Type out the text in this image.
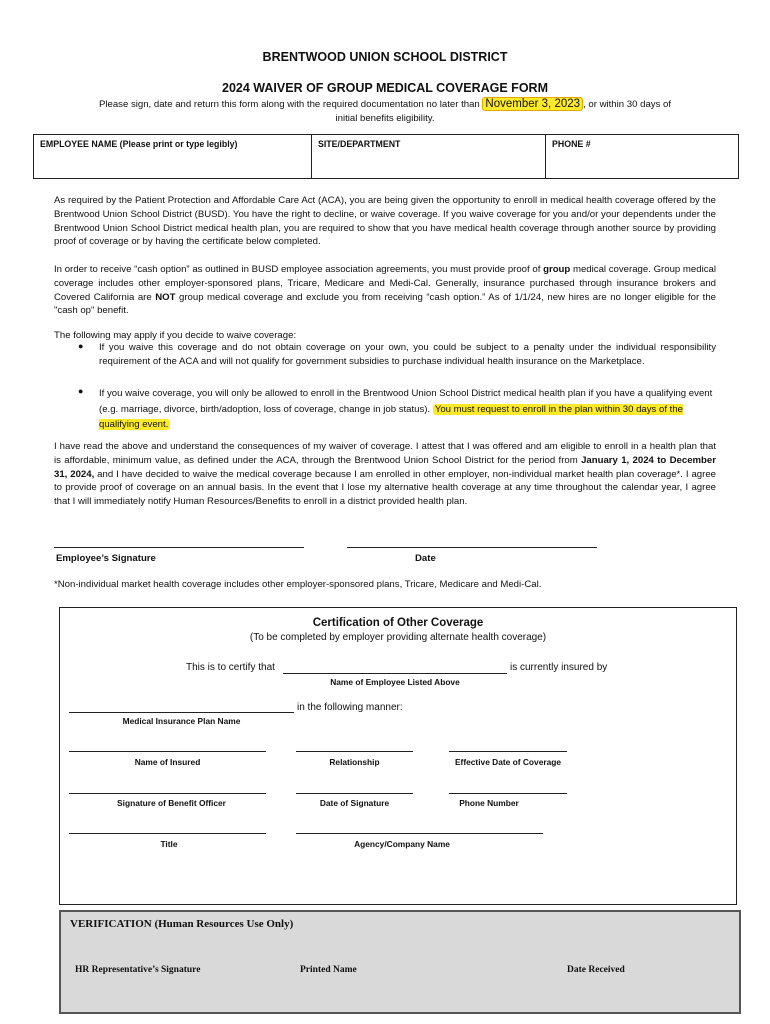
BRENTWOOD UNION SCHOOL DISTRICT
2024 WAIVER OF GROUP MEDICAL COVERAGE FORM
Please sign, date and return this form along with the required documentation no later than November 3, 2023 , or within 30 days of
initial benefits eligibility.
EMPLOYEE NAME (Please print or type legibly)	SITE/DEPARTMENT	PHONE #
As required by the Patient Protection and Affordable Care Act (ACA), you are being given the opportunity to enroll in medical health coverage offered by the Brentwood Union School District (BUSD). You have the right to decline, or waive coverage. If you waive coverage for you and/or your dependents under the Brentwood Union School District medical health plan, you are required to show that you have medical health coverage through another source by providing proof of coverage or by having the certificate below completed.
In order to receive “cash option” as outlined in BUSD employee association agreements, you must provide proof of group medical coverage. Group medical coverage includes other employer-sponsored plans, Tricare, Medicare and Medi-Cal. Generally, insurance purchased through insurance brokers and Covered California are NOT group medical coverage and exclude you from receiving “cash option.” As of 1/1/24, new hires are no longer eligible for the "cash op" benefit.
The following may apply if you decide to waive coverage:
● If you waive this coverage and do not obtain coverage on your own, you could be subject to a penalty under the individual responsibility requirement of the ACA and will not qualify for government subsidies to purchase individual health insurance on the Marketplace.
● If you waive coverage, you will only be allowed to enroll in the Brentwood Union School District medical health plan if you have a qualifying event (e.g. marriage, divorce, birth/adoption, loss of coverage, change in job status). You must request to enroll in the plan within 30 days of the qualifying event.
I have read the above and understand the consequences of my waiver of coverage. I attest that I was offered and am eligible to enroll in a health plan that is affordable, minimum value, as defined under the ACA, through the Brentwood Union School District for the period from January 1, 2024 to December 31, 2024, and I have decided to waive the medical coverage because I am enrolled in other employer, non-individual market health plan coverage*. I agree to provide proof of coverage on an annual basis. In the event that I lose my alternative health coverage at any time throughout the calendar year, I agree that I will immediately notify Human Resources/Benefits to enroll in a district provided health plan.
Employee’s Signature	Date
*Non-individual market health coverage includes other employer-sponsored plans, Tricare, Medicare and Medi-Cal.
Certification of Other Coverage
(To be completed by employer providing alternate health coverage)
This is to certify that	is currently insured by
Name of Employee Listed Above
in the following manner:
Medical Insurance Plan Name
Name of Insured	Relationship	Effective Date of Coverage
Signature of Benefit Officer	Date of Signature	Phone Number
Title	Agency/Company Name
VERIFICATION (Human Resources Use Only)
HR Representative’s Signature	Printed Name	Date Received
